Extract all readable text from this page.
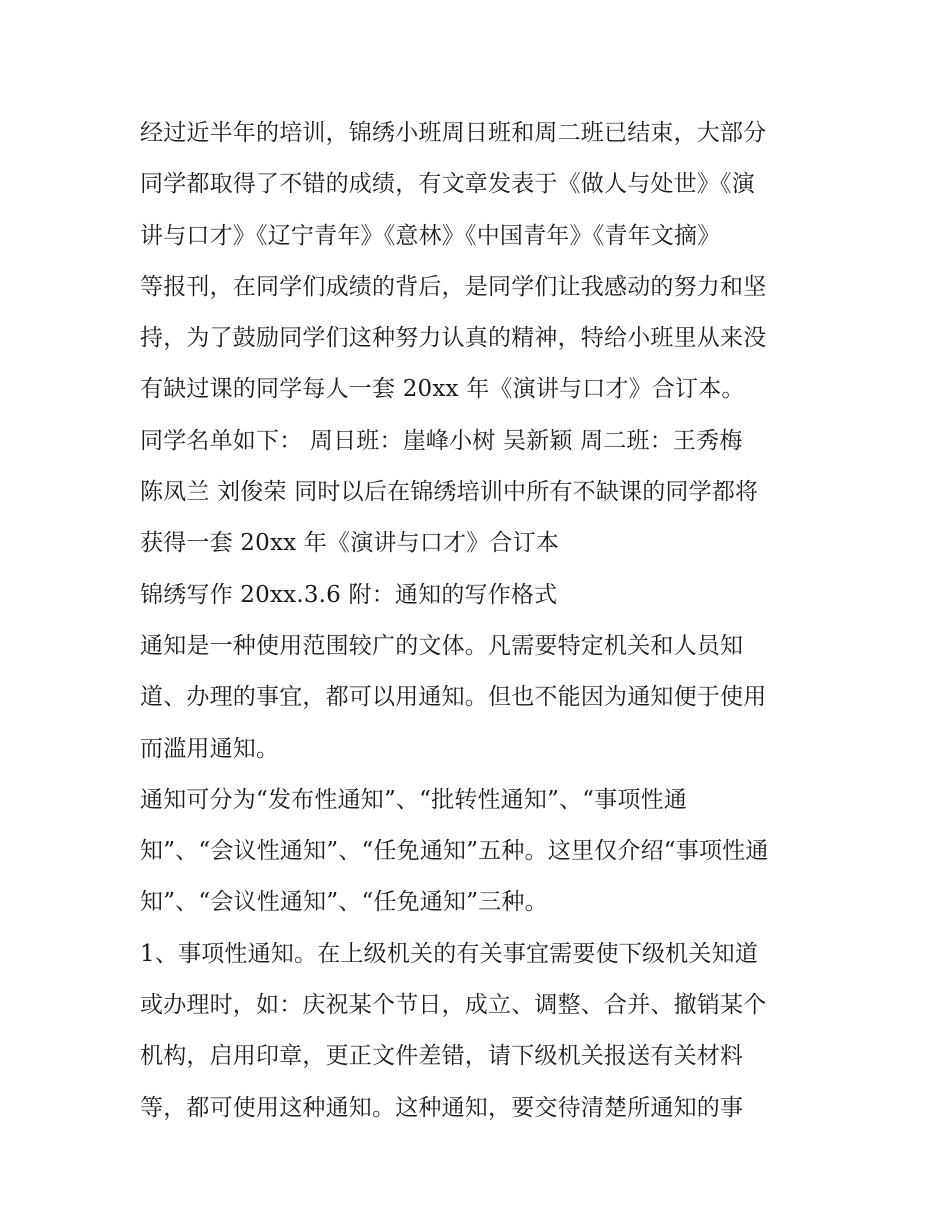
经过近半年的培训，锦绣小班周日班和周二班已结束，大部分
同学都取得了不错的成绩，有文章发表于《做人与处世》《演
讲与口才》《辽宁青年》《意林》《中国青年》《青年文摘》
等报刊，在同学们成绩的背后，是同学们让我感动的努力和坚
持，为了鼓励同学们这种努力认真的精神，特给小班里从来没
有缺过课的同学每人一套 20xx 年《演讲与口才》合订本。
同学名单如下： 周日班：崖峰小树 吴新颖 周二班：王秀梅
陈凤兰 刘俊荣 同时以后在锦绣培训中所有不缺课的同学都将
获得一套 20xx 年《演讲与口才》合订本
锦绣写作 20xx.3.6 附：通知的写作格式
通知是一种使用范围较广的文体。凡需要特定机关和人员知
道、办理的事宜，都可以用通知。但也不能因为通知便于使用
而滥用通知。
通知可分为“发布性通知”、“批转性通知”、“事项性通
知”、“会议性通知”、“任免通知”五种。这里仅介绍“事项性通
知”、“会议性通知”、“任免通知”三种。
1、事项性通知。在上级机关的有关事宜需要使下级机关知道
或办理时，如：庆祝某个节日，成立、调整、合并、撤销某个
机构，启用印章，更正文件差错，请下级机关报送有关材料
等，都可使用这种通知。这种通知，要交待清楚所通知的事
